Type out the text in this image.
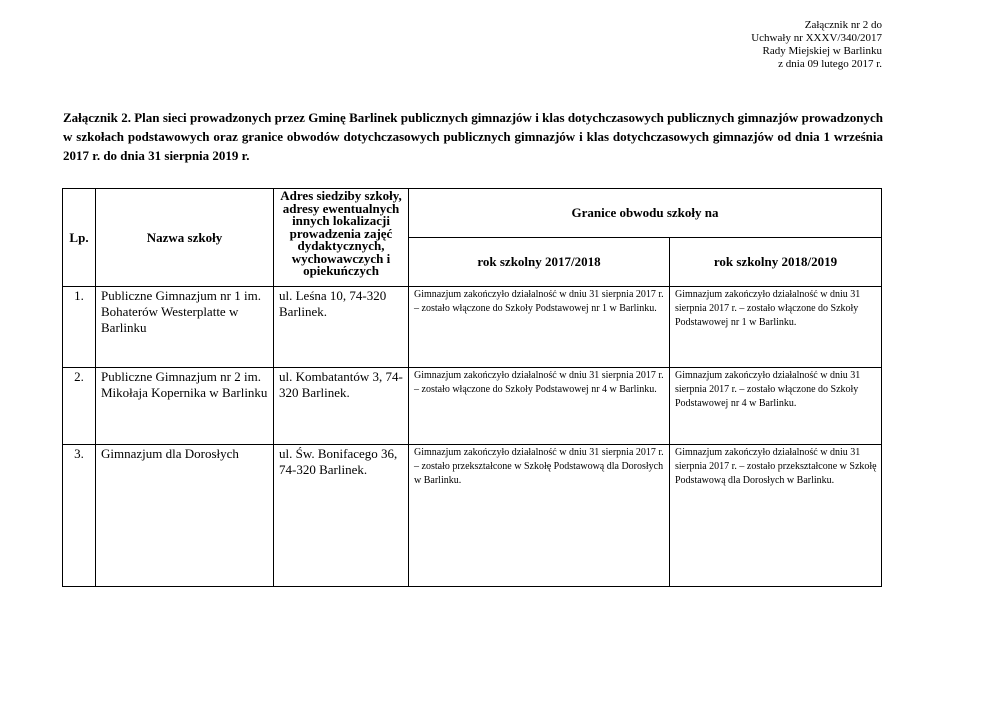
Załącznik nr 2 do
Uchwały nr XXXV/340/2017
Rady Miejskiej w Barlinku
z dnia 09 lutego 2017 r.
Załącznik 2. Plan sieci prowadzonych przez Gminę Barlinek publicznych gimnazjów i klas dotychczasowych publicznych gimnazjów prowadzonych w szkołach podstawowych oraz granice obwodów dotychczasowych publicznych gimnazjów i klas dotychczasowych gimnazjów od dnia 1 września 2017 r. do dnia 31 sierpnia 2019 r.
Lp.	Nazwa szkoły	Adres siedziby szkoły, adresy ewentualnych innych lokalizacji prowadzenia zajęć dydaktycznych, wychowawczych i opiekuńczych	Granice obwodu szkoły na	
			rok szkolny 2017/2018	rok szkolny 2018/2019
1.	Publiczne Gimnazjum nr 1 im. Bohaterów Westerplatte w Barlinku	ul. Leśna 10, 74-320 Barlinek.	Gimnazjum zakończyło działalność w dniu 31 sierpnia 2017 r. – zostało włączone do Szkoły Podstawowej nr 1 w Barlinku.	Gimnazjum zakończyło działalność w dniu 31 sierpnia 2017 r. – zostało włączone do Szkoły Podstawowej nr 1 w Barlinku.
2.	Publiczne Gimnazjum nr 2 im. Mikołaja Kopernika w Barlinku	ul. Kombatantów 3, 74-320 Barlinek.	Gimnazjum zakończyło działalność w dniu 31 sierpnia 2017 r. – zostało włączone do Szkoły Podstawowej nr 4 w Barlinku.	Gimnazjum zakończyło działalność w dniu 31 sierpnia 2017 r. – zostało włączone do Szkoły Podstawowej nr 4 w Barlinku.
3.	Gimnazjum dla Dorosłych	ul. Św. Bonifacego 36, 74-320 Barlinek.	Gimnazjum zakończyło działalność w dniu 31 sierpnia 2017 r. – zostało przekształcone w Szkołę Podstawową dla Dorosłych w Barlinku.	Gimnazjum zakończyło działalność w dniu 31 sierpnia 2017 r. – zostało przekształcone w Szkołę Podstawową dla Dorosłych w Barlinku.
